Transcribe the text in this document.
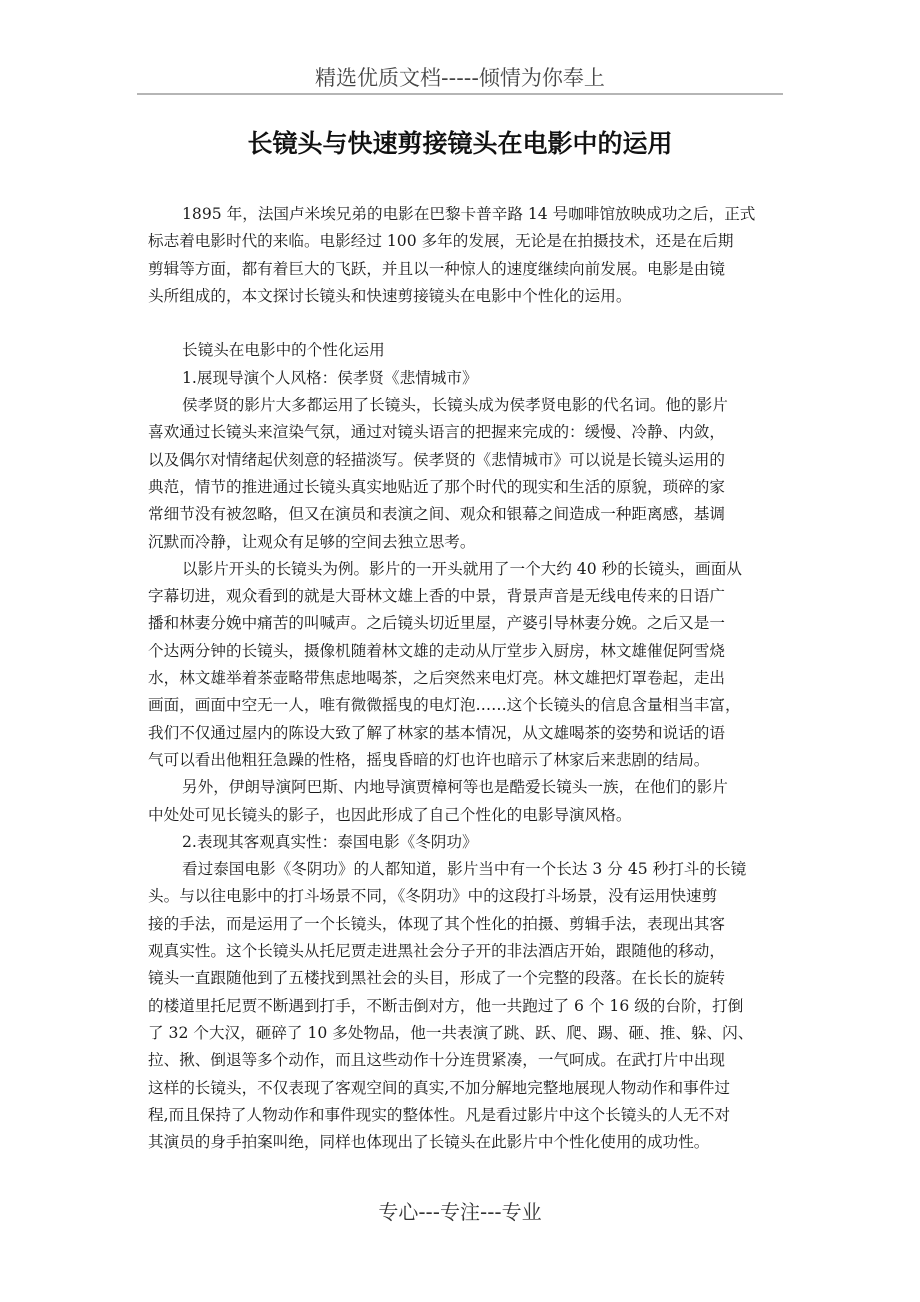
精选优质文档-----倾情为你奉上
长镜头与快速剪接镜头在电影中的运用
1895 年，法国卢米埃兄弟的电影在巴黎卡普辛路 14 号咖啡馆放映成功之后，正式
标志着电影时代的来临。电影经过 100 多年的发展，无论是在拍摄技术，还是在后期
剪辑等方面，都有着巨大的飞跃，并且以一种惊人的速度继续向前发展。电影是由镜
头所组成的，本文探讨长镜头和快速剪接镜头在电影中个性化的运用。
长镜头在电影中的个性化运用
1.展现导演个人风格：侯孝贤《悲情城市》
侯孝贤的影片大多都运用了长镜头，长镜头成为侯孝贤电影的代名词。他的影片
喜欢通过长镜头来渲染气氛，通过对镜头语言的把握来完成的：缓慢、冷静、内敛，
以及偶尔对情绪起伏刻意的轻描淡写。侯孝贤的《悲情城市》可以说是长镜头运用的
典范，情节的推进通过长镜头真实地贴近了那个时代的现实和生活的原貌，琐碎的家
常细节没有被忽略，但又在演员和表演之间、观众和银幕之间造成一种距离感，基调
沉默而冷静，让观众有足够的空间去独立思考。
以影片开头的长镜头为例。影片的一开头就用了一个大约 40 秒的长镜头，画面从
字幕切进，观众看到的就是大哥林文雄上香的中景，背景声音是无线电传来的日语广
播和林妻分娩中痛苦的叫喊声。之后镜头切近里屋，产婆引导林妻分娩。之后又是一
个达两分钟的长镜头，摄像机随着林文雄的走动从厅堂步入厨房，林文雄催促阿雪烧
水，林文雄举着茶壶略带焦虑地喝茶，之后突然来电灯亮。林文雄把灯罩卷起，走出
画面，画面中空无一人，唯有微微摇曳的电灯泡……这个长镜头的信息含量相当丰富，
我们不仅通过屋内的陈设大致了解了林家的基本情况，从文雄喝茶的姿势和说话的语
气可以看出他粗狂急躁的性格，摇曳昏暗的灯也许也暗示了林家后来悲剧的结局。
另外，伊朗导演阿巴斯、内地导演贾樟柯等也是酷爱长镜头一族，在他们的影片
中处处可见长镜头的影子，也因此形成了自己个性化的电影导演风格。
2.表现其客观真实性：泰国电影《冬阴功》
看过泰国电影《冬阴功》的人都知道，影片当中有一个长达 3 分 45 秒打斗的长镜
头。与以往电影中的打斗场景不同，《冬阴功》中的这段打斗场景，没有运用快速剪
接的手法，而是运用了一个长镜头，体现了其个性化的拍摄、剪辑手法，表现出其客
观真实性。这个长镜头从托尼贾走进黑社会分子开的非法酒店开始，跟随他的移动，
镜头一直跟随他到了五楼找到黑社会的头目，形成了一个完整的段落。在长长的旋转
的楼道里托尼贾不断遇到打手，不断击倒对方，他一共跑过了 6 个 16 级的台阶，打倒
了 32 个大汉，砸碎了 10 多处物品，他一共表演了跳、跃、爬、踢、砸、推、躲、闪、
拉、揪、倒退等多个动作，而且这些动作十分连贯紧凑，一气呵成。在武打片中出现
这样的长镜头，不仅表现了客观空间的真实,不加分解地完整地展现人物动作和事件过
程,而且保持了人物动作和事件现实的整体性。凡是看过影片中这个长镜头的人无不对
其演员的身手拍案叫绝，同样也体现出了长镜头在此影片中个性化使用的成功性。
专心---专注---专业
